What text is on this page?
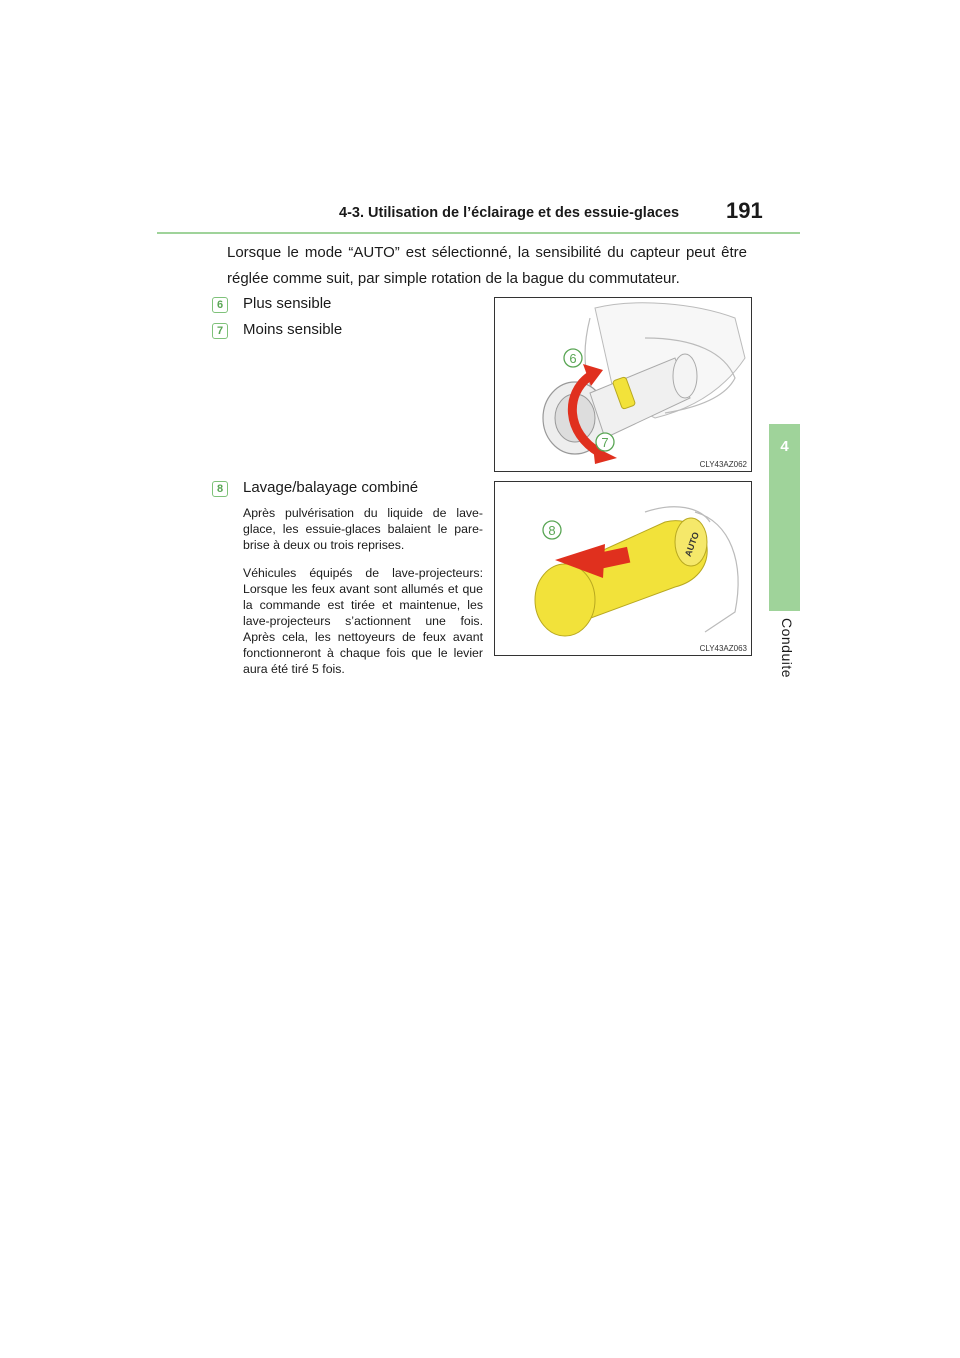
4-3. Utilisation de l’éclairage et des essuie-glaces 191
4
Conduite
Lorsque le mode “AUTO” est sélectionné, la sensibilité du capteur peut être réglée comme suit, par simple rotation de la bague du commutateur.
6	Plus sensible
7	Moins sensible
8	Lavage/balayage combiné
Après pulvérisation du liquide de lave-glace, les essuie-glaces balaient le pare-brise à deux ou trois reprises.
Véhicules équipés de lave-projecteurs: Lorsque les feux avant sont allumés et que la commande est tirée et maintenue, les lave-projecteurs s’actionnent une fois. Après cela, les nettoyeurs de feux avant fonctionneront à chaque fois que le levier aura été tiré 5 fois.
6
7
CLY43AZ062
AUTO
8
CLY43AZ063
